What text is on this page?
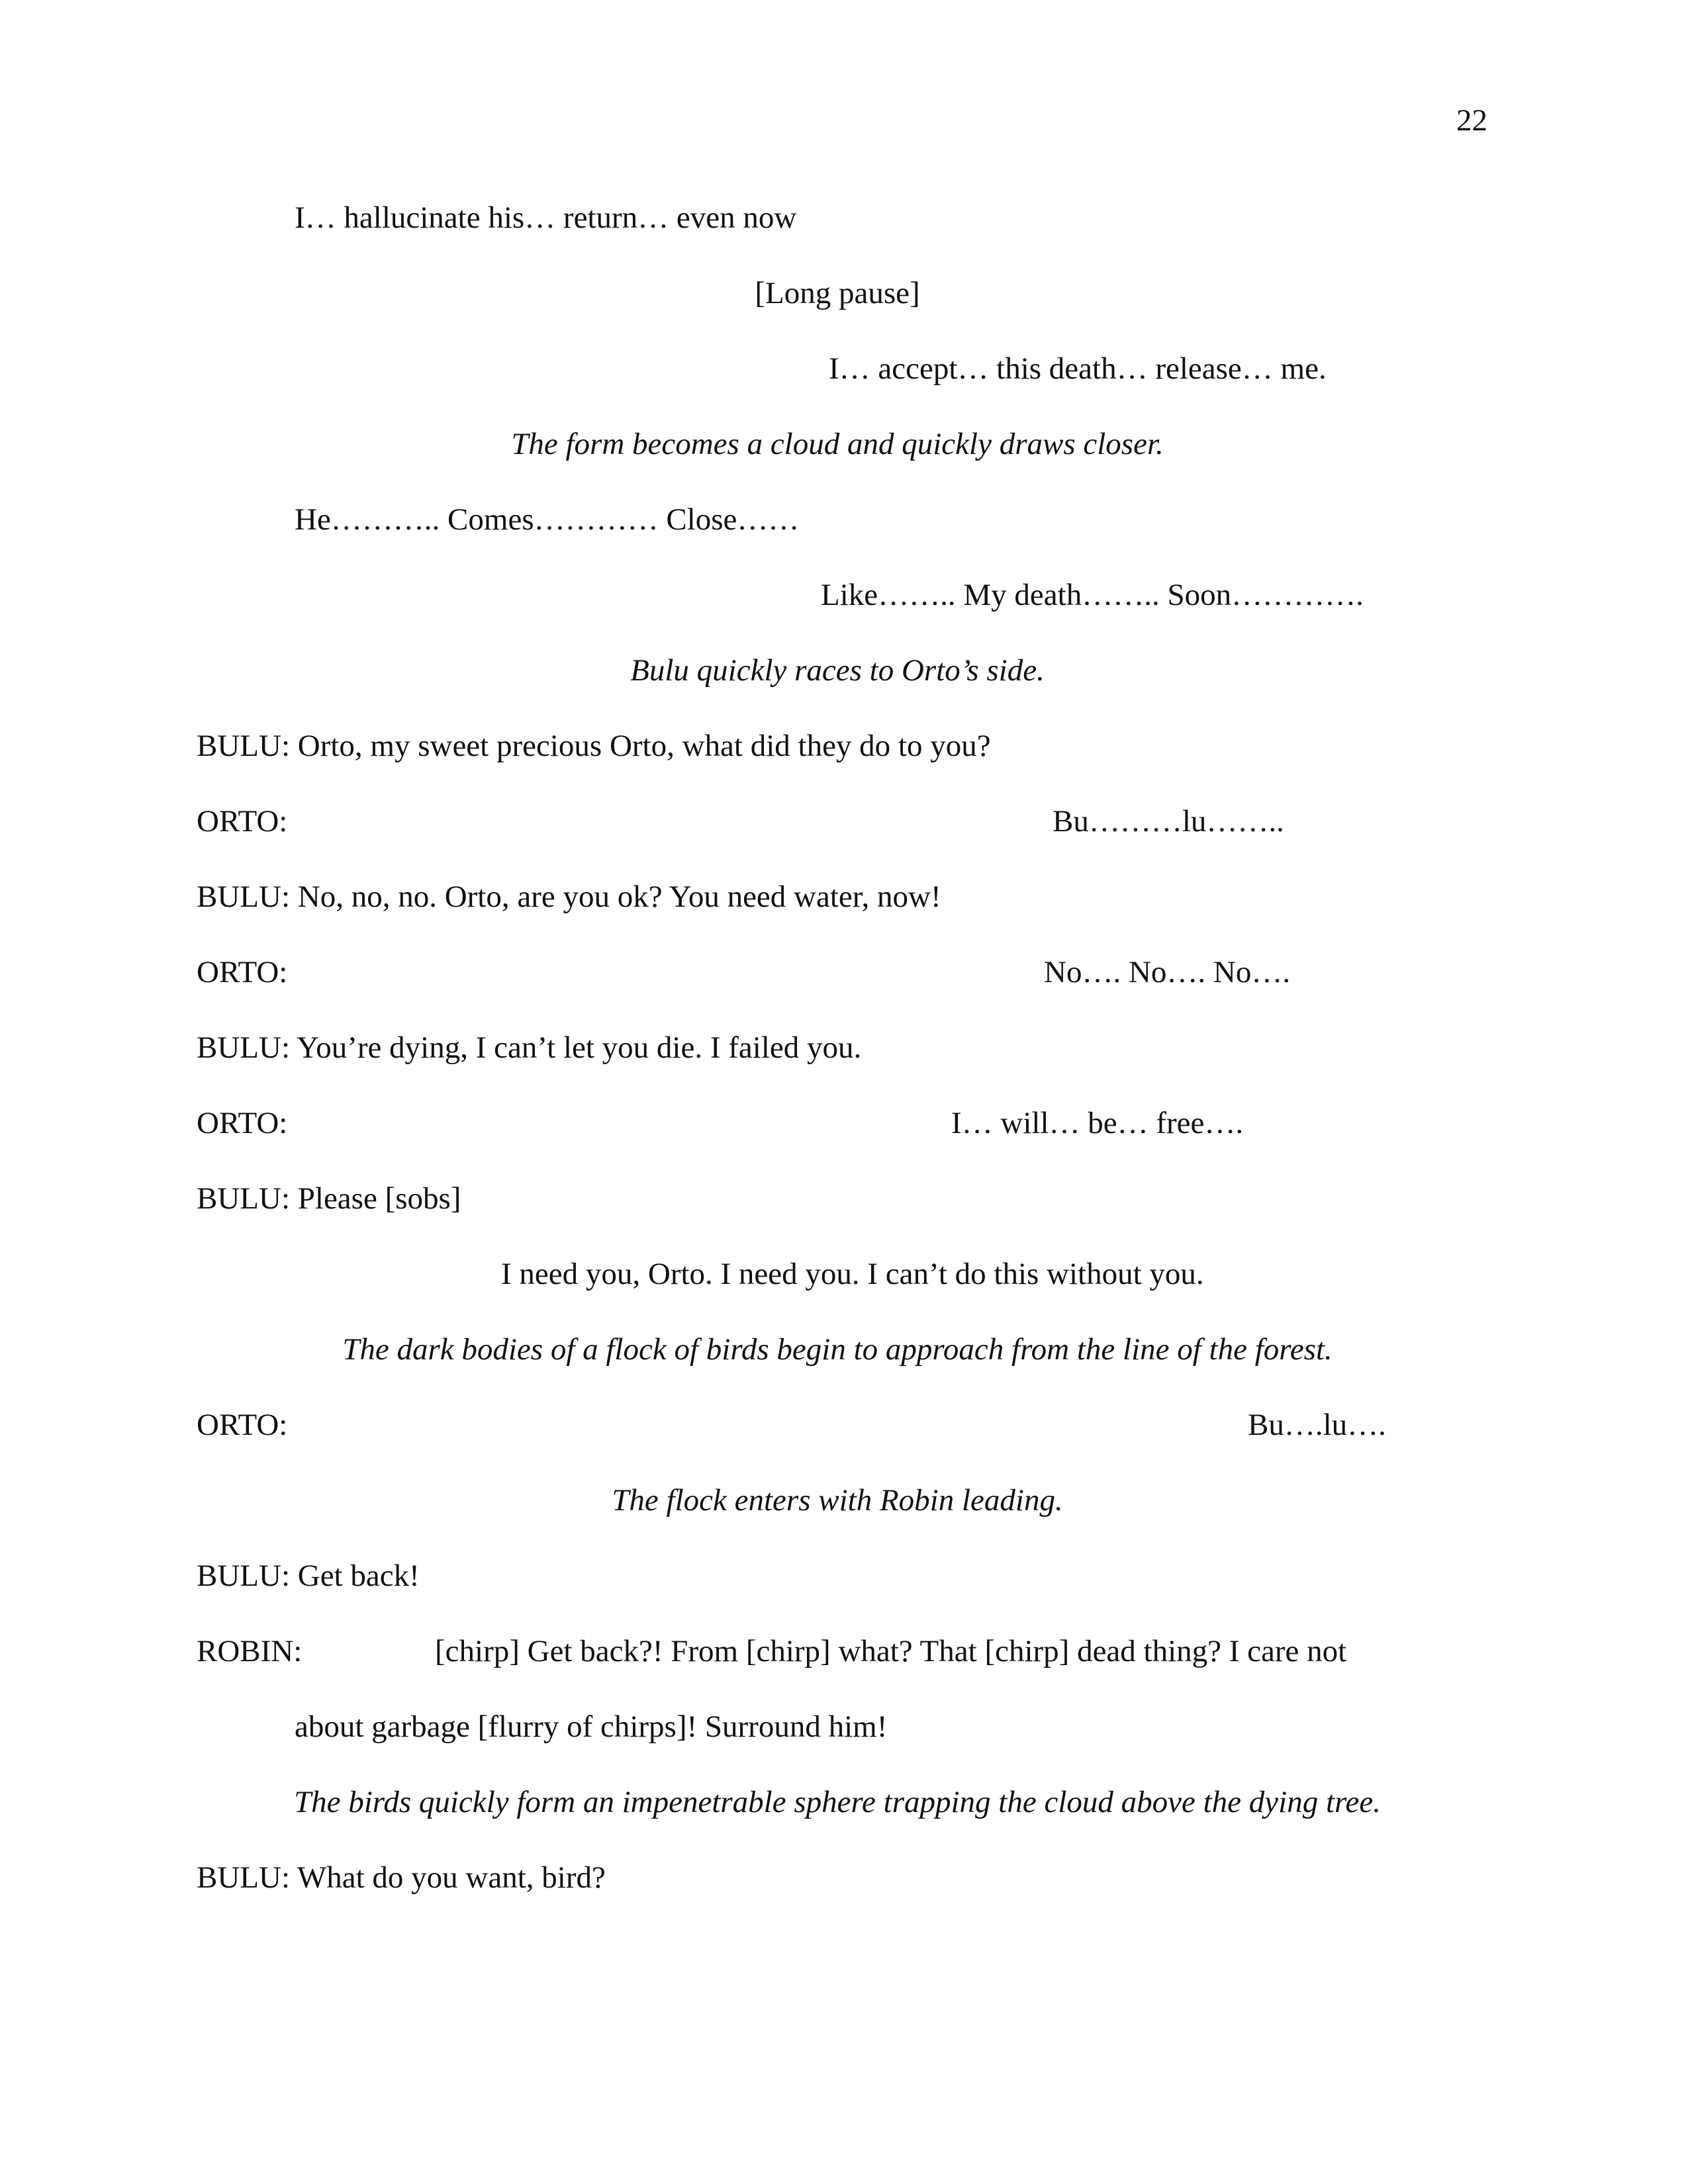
22

I… hallucinate his… return… even now

[Long pause]

I… accept… this death… release… me.

The form becomes a cloud and quickly draws closer.

He……….. Comes………… Close……

Like…….. My death…….. Soon………….

Bulu quickly races to Orto’s side.

BULU: Orto, my sweet precious Orto, what did they do to you?

ORTO:	Bu………lu……..

BULU: No, no, no. Orto, are you ok? You need water, now!

ORTO:	No…. No…. No….

BULU: You’re dying, I can’t let you die. I failed you.

ORTO:	I… will… be… free….

BULU: Please [sobs]

I need you, Orto. I need you. I can’t do this without you.

The dark bodies of a flock of birds begin to approach from the line of the forest.

ORTO:	Bu….lu….

The flock enters with Robin leading.

BULU: Get back!

ROBIN:	[chirp] Get back?! From [chirp] what? That [chirp] dead thing? I care not

about garbage [flurry of chirps]! Surround him!

The birds quickly form an impenetrable sphere trapping the cloud above the dying tree.

BULU: What do you want, bird?
